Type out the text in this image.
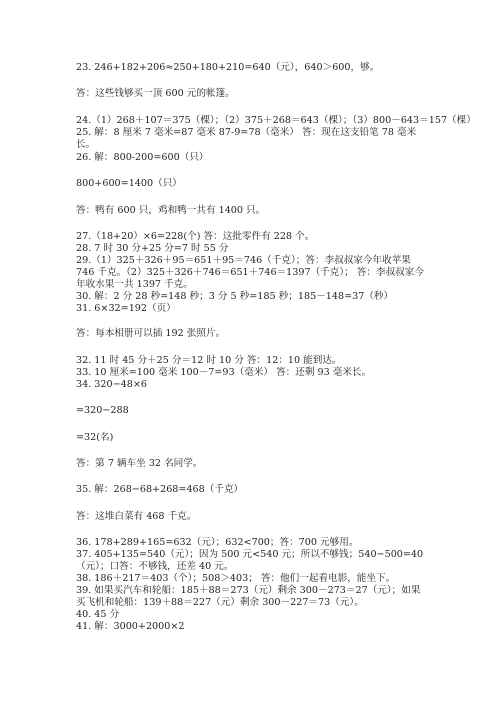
23. 246+182+206≈250+180+210=640（元），640＞600，够。
答：这些钱够买一顶 600 元的帐篷。
24.（1）268＋107＝375（棵）；（2）375＋268＝643（棵）；（3）800－643＝157（棵）
25. 解：8 厘米 7 毫米=87 毫米 87-9=78（毫米） 答：现在这支铅笔 78 毫米
长。
26. 解：800-200=600（只）
800+600=1400（只）
答：鸭有 600 只，鸡和鸭一共有 1400 只。
27.（18+20）×6=228(个) 答：这批零件有 228 个。
28. 7 时 30 分+25 分=7 时 55 分
29.（1）325＋326＋95＝651＋95＝746（千克）；答：李叔叔家今年收苹果
746 千克。（2）325＋326＋746＝651＋746＝1397（千克）； 答：李叔叔家今
年收水果一共 1397 千克。
30. 解：2 分 28 秒=148 秒；3 分 5 秒=185 秒；185－148=37（秒）
31. 6×32=192（页）
答：每本相册可以插 192 张照片。
32. 11 时 45 分＋25 分＝12 时 10 分 答：12：10 能到达。
33. 10 厘米=100 毫米 100－7=93（毫米） 答：还剩 93 毫米长。
34. 320−48×6
=320−288
=32(名)
答：第 7 辆车坐 32 名同学。
35. 解：268−68+268=468（千克）
答：这堆白菜有 468 千克。
36. 178+289+165=632（元）；632<700；答：700 元够用。
37. 405+135=540（元）；因为 500 元<540 元；所以不够钱；540−500=40
（元）；口答：不够钱，还差 40 元。
38. 186＋217＝403（个）；508＞403； 答：他们一起看电影，能坐下。
39. 如果买汽车和轮船：185＋88＝273（元）剩余 300－273＝27（元）；如果
买飞机和轮船：139＋88＝227（元）剩余 300－227＝73（元）。
40. 45 分
41. 解：3000+2000×2
